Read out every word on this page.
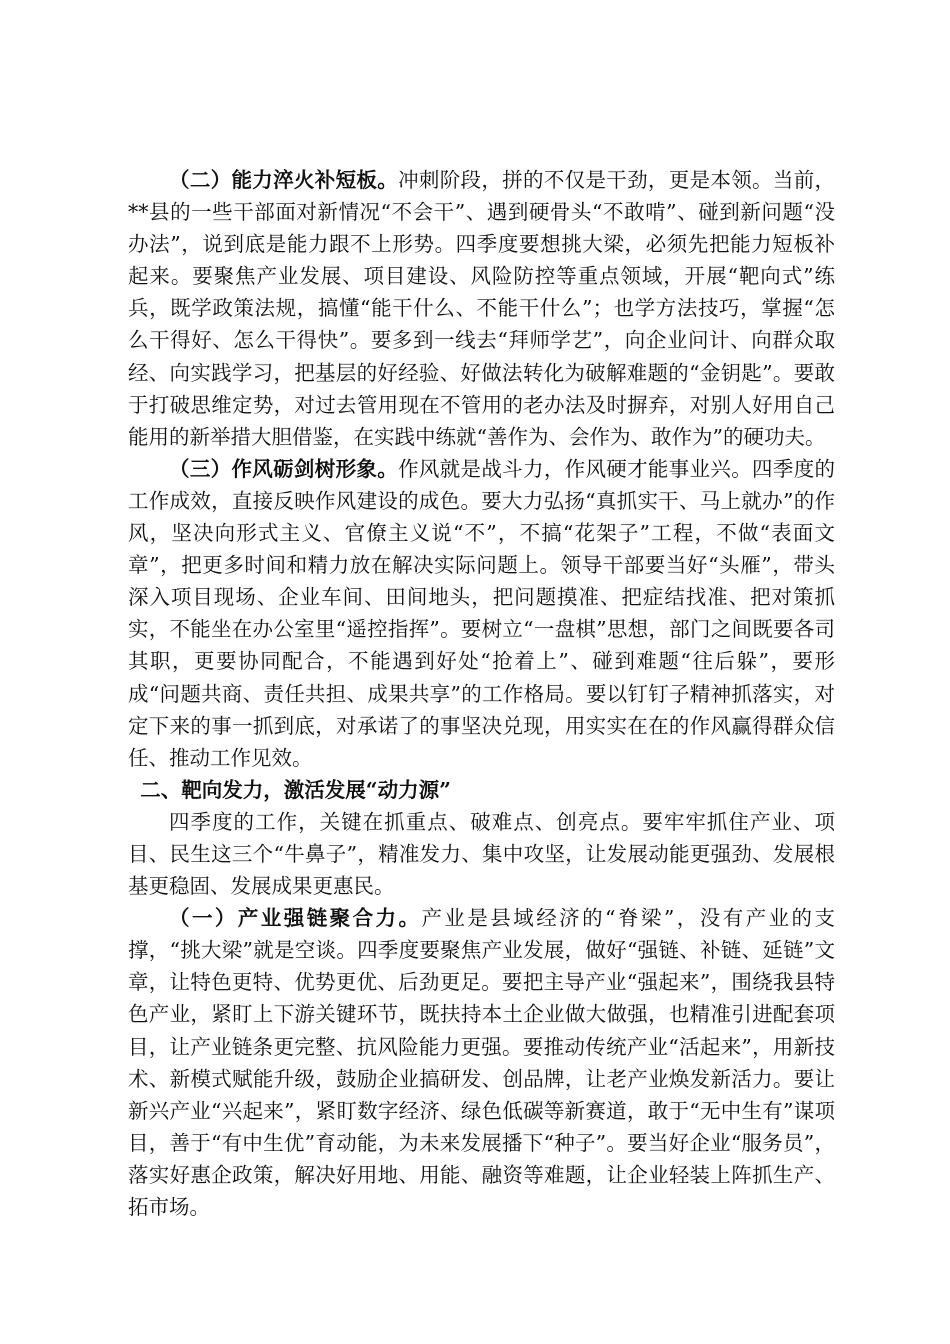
（二）能力淬火补短板。冲刺阶段，拼的不仅是干劲，更是本领。当前，**县的一些干部面对新情况“不会干”、遇到硬骨头“不敢啃”、碰到新问题“没办法”，说到底是能力跟不上形势。四季度要想挑大梁，必须先把能力短板补起来。要聚焦产业发展、项目建设、风险防控等重点领域，开展“靶向式”练兵，既学政策法规，搞懂“能干什么、不能干什么”；也学方法技巧，掌握“怎么干得好、怎么干得快”。要多到一线去“拜师学艺”，向企业问计、向群众取经、向实践学习，把基层的好经验、好做法转化为破解难题的“金钥匙”。要敢于打破思维定势，对过去管用现在不管用的老办法及时摒弃，对别人好用自己能用的新举措大胆借鉴，在实践中练就“善作为、会作为、敢作为”的硬功夫。

（三）作风砺剑树形象。作风就是战斗力，作风硬才能事业兴。四季度的工作成效，直接反映作风建设的成色。要大力弘扬“真抓实干、马上就办”的作风，坚决向形式主义、官僚主义说“不”，不搞“花架子”工程，不做“表面文章”，把更多时间和精力放在解决实际问题上。领导干部要当好“头雁”，带头深入项目现场、企业车间、田间地头，把问题摸准、把症结找准、把对策抓实，不能坐在办公室里“遥控指挥”。要树立“一盘棋”思想，部门之间既要各司其职，更要协同配合，不能遇到好处“抢着上”、碰到难题“往后躲”，要形成“问题共商、责任共担、成果共享”的工作格局。要以钉钉子精神抓落实，对定下来的事一抓到底，对承诺了的事坚决兑现，用实实在在的作风赢得群众信任、推动工作见效。

二、靶向发力，激活发展“动力源”

四季度的工作，关键在抓重点、破难点、创亮点。要牢牢抓住产业、项目、民生这三个“牛鼻子”，精准发力、集中攻坚，让发展动能更强劲、发展根基更稳固、发展成果更惠民。

（一）产业强链聚合力。产业是县域经济的“脊梁”，没有产业的支撑，“挑大梁”就是空谈。四季度要聚焦产业发展，做好“强链、补链、延链”文章，让特色更特、优势更优、后劲更足。要把主导产业“强起来”，围绕我县特色产业，紧盯上下游关键环节，既扶持本土企业做大做强，也精准引进配套项目，让产业链条更完整、抗风险能力更强。要推动传统产业“活起来”，用新技术、新模式赋能升级，鼓励企业搞研发、创品牌，让老产业焕发新活力。要让新兴产业“兴起来”，紧盯数字经济、绿色低碳等新赛道，敢于“无中生有”谋项目，善于“有中生优”育动能，为未来发展播下“种子”。要当好企业“服务员”，落实好惠企政策，解决好用地、用能、融资等难题，让企业轻装上阵抓生产、拓市场。
